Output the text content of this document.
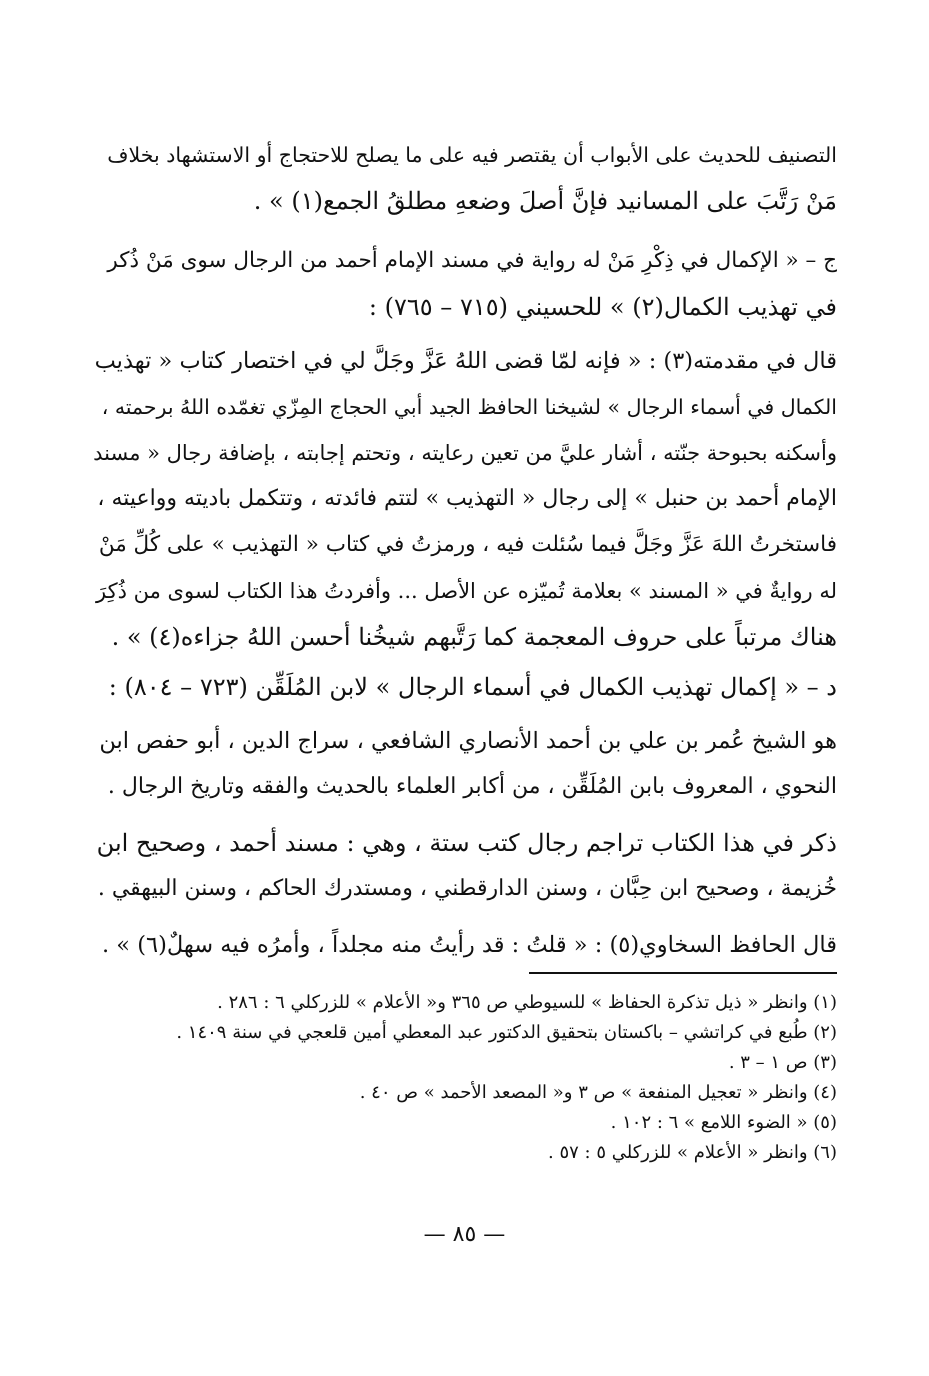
التصنيف للحديث على الأبواب أن يقتصر فيه على ما يصلح للاحتجاج أو الاستشهاد بخلاف
مَنْ رَتَّبَ على المسانيد فإنَّ أصلَ وضعهِ مطلقُ الجمع(١) » .
ج – « الإكمال في ذِكْرِ مَنْ له رواية في مسند الإمام أحمد من الرجال سوى مَنْ ذُكر
في تهذيب الكمال(٢) » للحسيني (٧١٥ – ٧٦٥) :
قال في مقدمته(٣) : « فإنه لمّا قضى اللهُ عَزَّ وجَلَّ لي في اختصار كتاب « تهذيب
الكمال في أسماء الرجال » لشيخنا الحافظ الجيد أبي الحجاج المِزّي تغمّده اللهُ برحمته ،
وأسكنه بحبوحة جنّته ، أشار عليَّ من تعين رعايته ، وتحتم إجابته ، بإضافة رجال « مسند
الإمام أحمد بن حنبل » إلى رجال « التهذيب » لتتم فائدته ، وتتكمل باديته وواعيته ،
فاستخرتُ اللهَ عَزَّ وجَلَّ فيما سُئلت فيه ، ورمزتُ في كتاب « التهذيب » على كُلِّ مَنْ
له روايةٌ في « المسند » بعلامة تُميّزه عن الأصل ... وأفردتُ هذا الكتاب لسوى من ذُكِرَ
هناك مرتباً على حروف المعجمة كما رَتَّبهم شيخُنا أحسن اللهُ جزاءه(٤) » .
د – « إكمال تهذيب الكمال في أسماء الرجال » لابن المُلَقِّن (٧٢٣ – ٨٠٤) :
هو الشيخ عُمر بن علي بن أحمد الأنصاري الشافعي ، سراج الدين ، أبو حفص ابن
النحوي ، المعروف بابن المُلَقِّن ، من أكابر العلماء بالحديث والفقه وتاريخ الرجال .
ذكر في هذا الكتاب تراجم رجال كتب ستة ، وهي : مسند أحمد ، وصحيح ابن
خُزيمة ، وصحيح ابن حِبَّان ، وسنن الدارقطني ، ومستدرك الحاكم ، وسنن البيهقي .
قال الحافظ السخاوي(٥) : « قلتُ : قد رأيتُ منه مجلداً ، وأمرُه فيه سهلٌ(٦) » .
(١) وانظر « ذيل تذكرة الحفاظ » للسيوطي ص ٣٦٥ و« الأعلام » للزركلي ٦ : ٢٨٦ .
(٢) طُبع في كراتشي – باكستان بتحقيق الدكتور عبد المعطي أمين قلعجي في سنة ١٤٠٩ .
(٣) ص ١ – ٣ .
(٤) وانظر « تعجيل المنفعة » ص ٣ و« المصعد الأحمد » ص ٤٠ .
(٥) « الضوء اللامع » ٦ : ١٠٢ .
(٦) وانظر « الأعلام » للزركلي ٥ : ٥٧ .
— ٨٥ —
